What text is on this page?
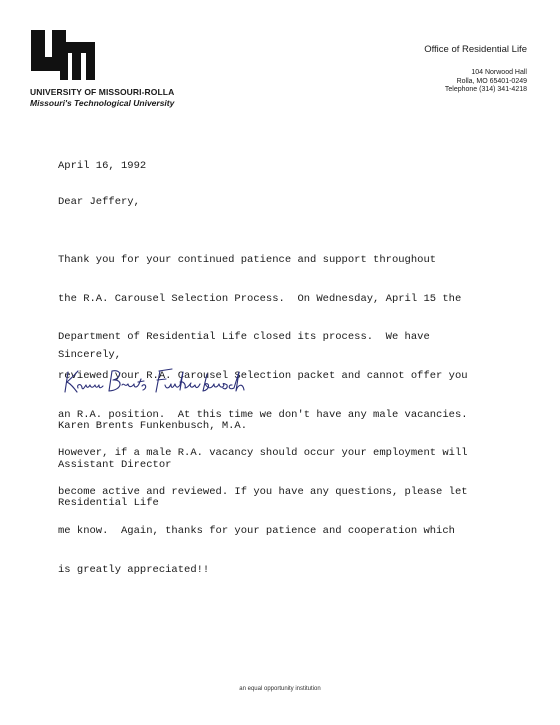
UNIVERSITY OF MISSOURI-ROLLA
Missouri's Technological University
Office of Residential Life
104 Norwood Hall
Rolla, MO 65401-0249
Telephone (314) 341-4218
April 16, 1992
Dear Jeffery,

Thank you for your continued patience and support throughout

the R.A. Carousel Selection Process.  On Wednesday, April 15 the

Department of Residential Life closed its process.  We have

reviewed your R.A. Carousel Selection packet and cannot offer you

an R.A. position.  At this time we don't have any male vacancies.

However, if a male R.A. vacancy should occur your employment will

become active and reviewed. If you have any questions, please let

me know.  Again, thanks for your patience and cooperation which

is greatly appreciated!!

Sincerely,

Karen Brents Funkenbusch, M.A.

Assistant Director

Residential Life

an equal opportunity institution
